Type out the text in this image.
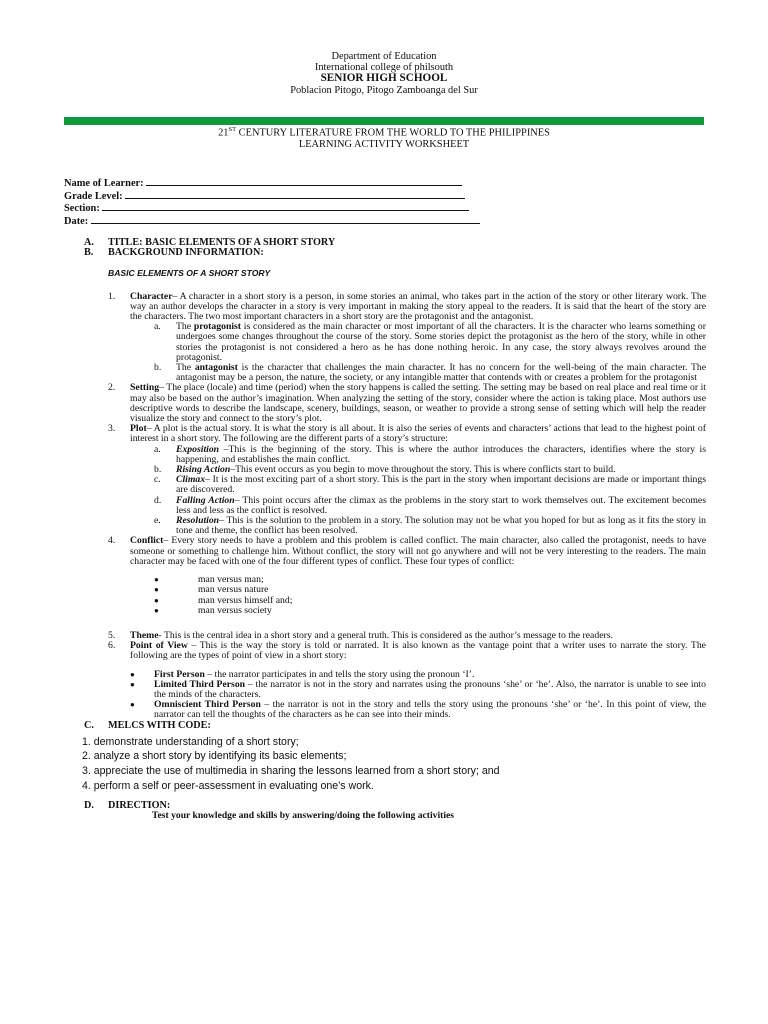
Department of Education
International college of philsouth
SENIOR HIGH SCHOOL
Poblacion Pitogo, Pitogo Zamboanga del Sur
21ST CENTURY LITERATURE FROM THE WORLD TO THE PHILIPPINES
LEARNING ACTIVITY WORKSHEET
Name of Learner:
Grade Level:
Section:
Date:
A. TITLE: BASIC ELEMENTS OF A SHORT STORY
B. BACKGROUND INFORMATION:
BASIC ELEMENTS OF A SHORT STORY
1. Character– A character in a short story is a person, in some stories an animal, who takes part in the action of the story or other literary work. The way an author develops the character in a story is very important in making the story appeal to the readers. It is said that the heart of the story are the characters. The two most important characters in a short story are the protagonist and the antagonist.
a. The protagonist is considered as the main character or most important of all the characters. It is the character who learns something or undergoes some changes throughout the course of the story. Some stories depict the protagonist as the hero of the story, while in other stories the protagonist is not considered a hero as he has done nothing heroic. In any case, the story always revolves around the protagonist.
b. The antagonist is the character that challenges the main character. It has no concern for the well-being of the main character. The antagonist may be a person, the nature, the society, or any intangible matter that contends with or creates a problem for the protagonist
2. Setting– The place (locale) and time (period) when the story happens is called the setting. The setting may be based on real place and real time or it may also be based on the author’s imagination. When analyzing the setting of the story, consider where the action is taking place. Most authors use descriptive words to describe the landscape, scenery, buildings, season, or weather to provide a strong sense of setting which will help the reader visualize the story and connect to the story’s plot.
3. Plot– A plot is the actual story. It is what the story is all about. It is also the series of events and characters’ actions that lead to the highest point of interest in a short story. The following are the different parts of a story’s structure:
a. Exposition –This is the beginning of the story. This is where the author introduces the characters, identifies where the story is happening, and establishes the main conflict.
b. Rising Action–This event occurs as you begin to move throughout the story. This is where conflicts start to build.
c. Climax– It is the most exciting part of a short story. This is the part in the story when important decisions are made or important things are discovered.
d. Falling Action– This point occurs after the climax as the problems in the story start to work themselves out. The excitement becomes less and less as the conflict is resolved.
e. Resolution– This is the solution to the problem in a story. The solution may not be what you hoped for but as long as it fits the story in tone and theme, the conflict has been resolved.
4. Conflict– Every story needs to have a problem and this problem is called conflict. The main character, also called the protagonist, needs to have someone or something to challenge him. Without conflict, the story will not go anywhere and will not be very interesting to the readers. The main character may be faced with one of the four different types of conflict. These four types of conflict:
●	man versus man;
●	man versus nature
●	man versus himself and;
●	man versus society
5. Theme- This is the central idea in a short story and a general truth. This is considered as the author’s message to the readers.
6. Point of View – This is the way the story is told or narrated. It is also known as the vantage point that a writer uses to narrate the story. The following are the types of point of view in a short story:
● First Person – the narrator participates in and tells the story using the pronoun ‘I’.
● Limited Third Person – the narrator is not in the story and narrates using the pronouns ‘she’ or ‘he’. Also, the narrator is unable to see into the minds of the characters.
● Omniscient Third Person – the narrator is not in the story and tells the story using the pronouns ‘she’ or ‘he’. In this point of view, the narrator can tell the thoughts of the characters as he can see into their minds.
C. MELCS WITH CODE:
1. demonstrate understanding of a short story;
2. analyze a short story by identifying its basic elements;
3. appreciate the use of multimedia in sharing the lessons learned from a short story; and
4. perform a self or peer-assessment in evaluating one’s work.
D. DIRECTION:
Test your knowledge and skills by answering/doing the following activities
